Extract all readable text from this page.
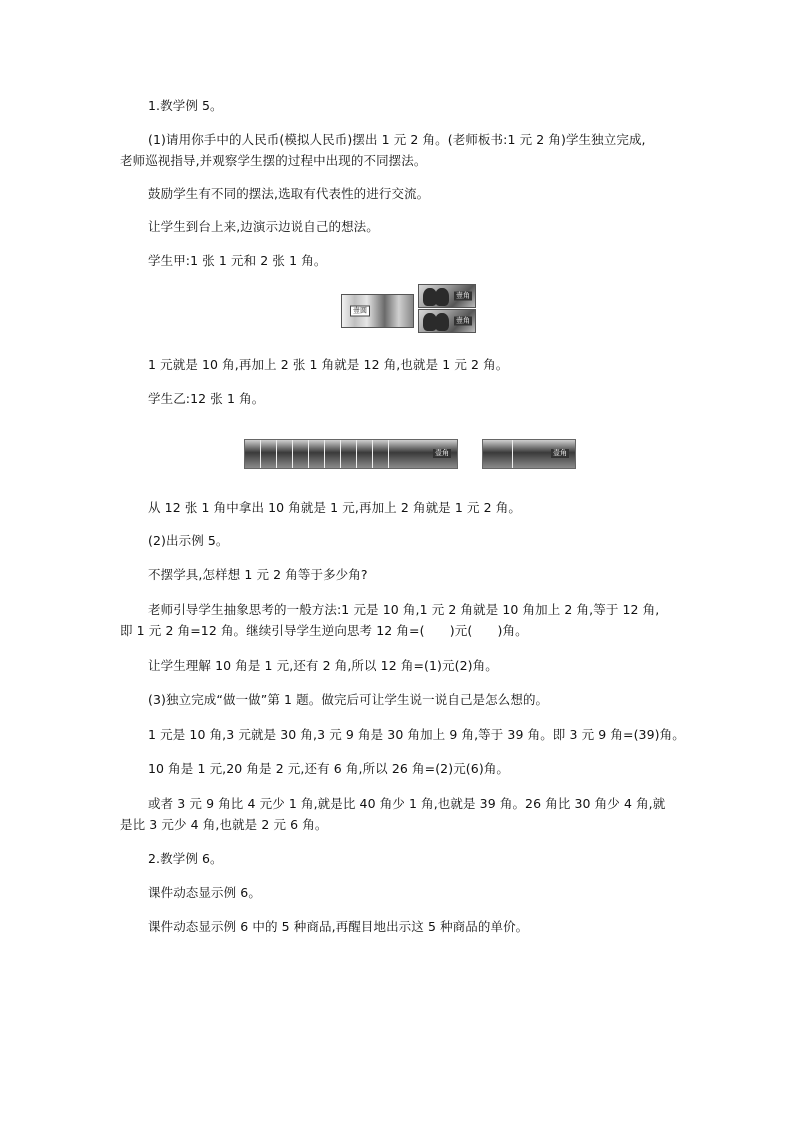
1.教学例 5。
(1)请用你手中的人民币(模拟人民币)摆出 1 元 2 角。(老师板书:1 元 2 角)学生独立完成,
老师巡视指导,并观察学生摆的过程中出现的不同摆法。
鼓励学生有不同的摆法,选取有代表性的进行交流。
让学生到台上来,边演示边说自己的想法。
学生甲:1 张 1 元和 2 张 1 角。
壹圆
壹角
壹角
1 元就是 10 角,再加上 2 张 1 角就是 12 角,也就是 1 元 2 角。
学生乙:12 张 1 角。
壹角	壹角
从 12 张 1 角中拿出 10 角就是 1 元,再加上 2 角就是 1 元 2 角。
(2)出示例 5。
不摆学具,怎样想 1 元 2 角等于多少角?
老师引导学生抽象思考的一般方法:1 元是 10 角,1 元 2 角就是 10 角加上 2 角,等于 12 角,
即 1 元 2 角=12 角。继续引导学生逆向思考 12 角=(　　)元(　　)角。
让学生理解 10 角是 1 元,还有 2 角,所以 12 角=(1)元(2)角。
(3)独立完成“做一做”第 1 题。做完后可让学生说一说自己是怎么想的。
1 元是 10 角,3 元就是 30 角,3 元 9 角是 30 角加上 9 角,等于 39 角。即 3 元 9 角=(39)角。
10 角是 1 元,20 角是 2 元,还有 6 角,所以 26 角=(2)元(6)角。
或者 3 元 9 角比 4 元少 1 角,就是比 40 角少 1 角,也就是 39 角。26 角比 30 角少 4 角,就
是比 3 元少 4 角,也就是 2 元 6 角。
2.教学例 6。
课件动态显示例 6。
课件动态显示例 6 中的 5 种商品,再醒目地出示这 5 种商品的单价。
